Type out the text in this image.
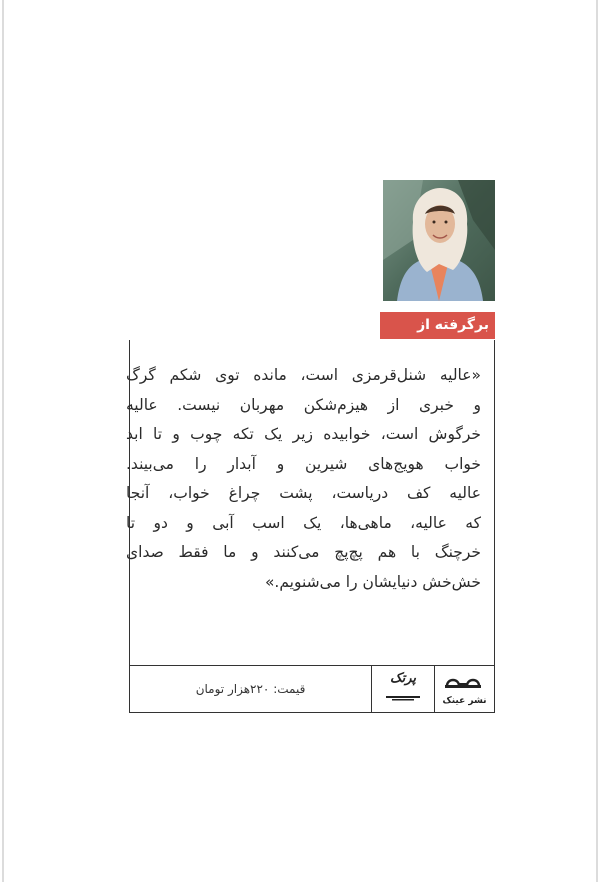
برگرفته از کتاب:

«عالیه شنل‌قرمزی است، مانده توی شکم گرگ
و خبری از هیزم‌شکن مهربان نیست. عالیه
خرگوش است، خوابیده زیر یک تکه چوب و تا ابد
خواب هویج‌های شیرین و آبدار را می‌بیند.
عالیه کف دریاست، پشت چراغ خواب، آنجا
که عالیه، ماهی‌ها، یک اسب آبی و دو تا
خرچنگ با هم پچ‌پچ می‌کنند و ما فقط صدای
خش‌خش دنیایشان را می‌شنویم.»

نشر عینک
پرتک
قیمت: ۲۲۰هزار تومان
